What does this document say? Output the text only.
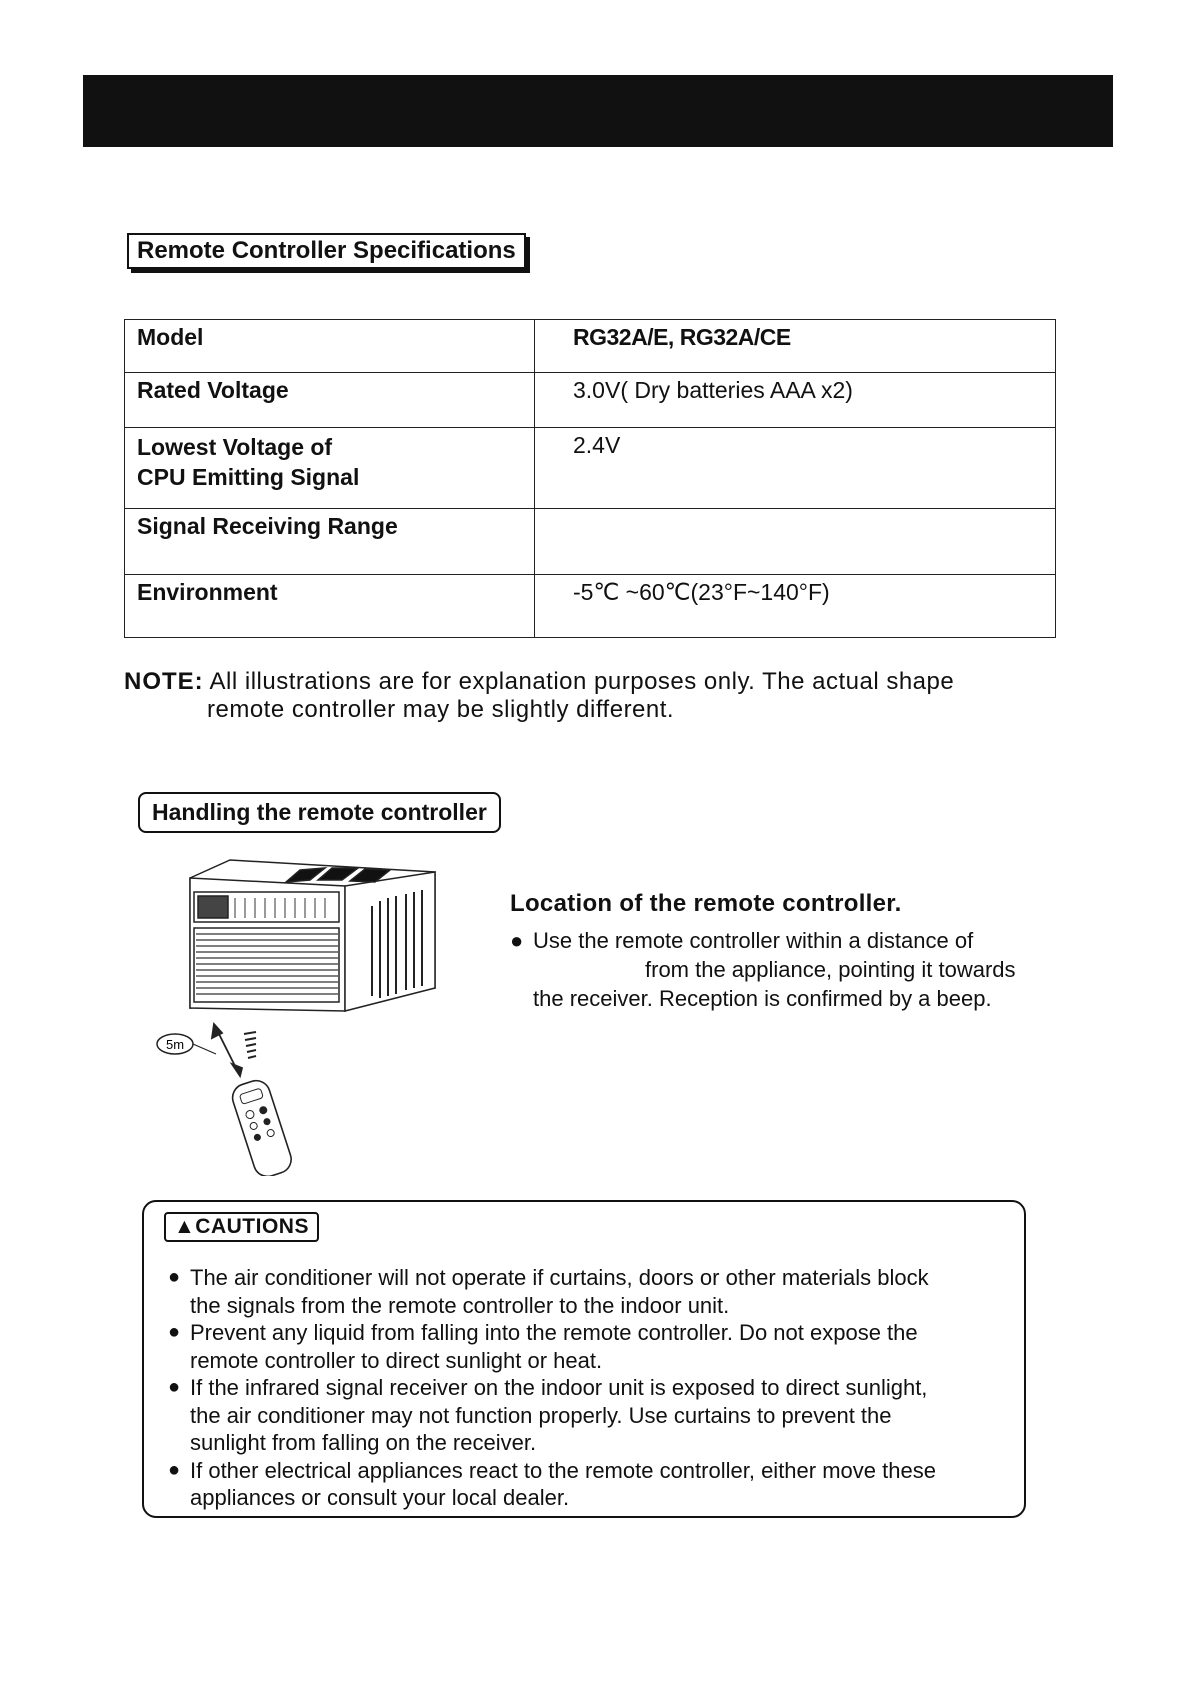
Remote Controller Specifications
Model	RG32A/E, RG32A/CE
Rated Voltage	3.0V( Dry batteries AAA x2)
Lowest Voltage of
CPU Emitting Signal	2.4V
Signal Receiving Range	
Environment	-5℃ ~60℃(23°F~140°F)
NOTE: All illustrations are for explanation purposes only. The actual shape
remote controller may be slightly different.
Handling the remote controller
5m
Location of the remote controller.
● Use the remote controller within a distance of
from the appliance, pointing it towards
the receiver. Reception is confirmed by a beep.
▲CAUTIONS
● The air conditioner will not operate if curtains, doors or other materials block
the signals from the remote controller to the indoor unit.
● Prevent any liquid from falling into the remote controller. Do not expose the
remote controller to direct sunlight or heat.
● If the infrared signal receiver on the indoor unit is exposed to direct sunlight,
the air conditioner may not function properly. Use curtains to prevent the
sunlight from falling on the receiver.
● If other electrical appliances react to the remote controller, either move these
appliances or consult your local dealer.
